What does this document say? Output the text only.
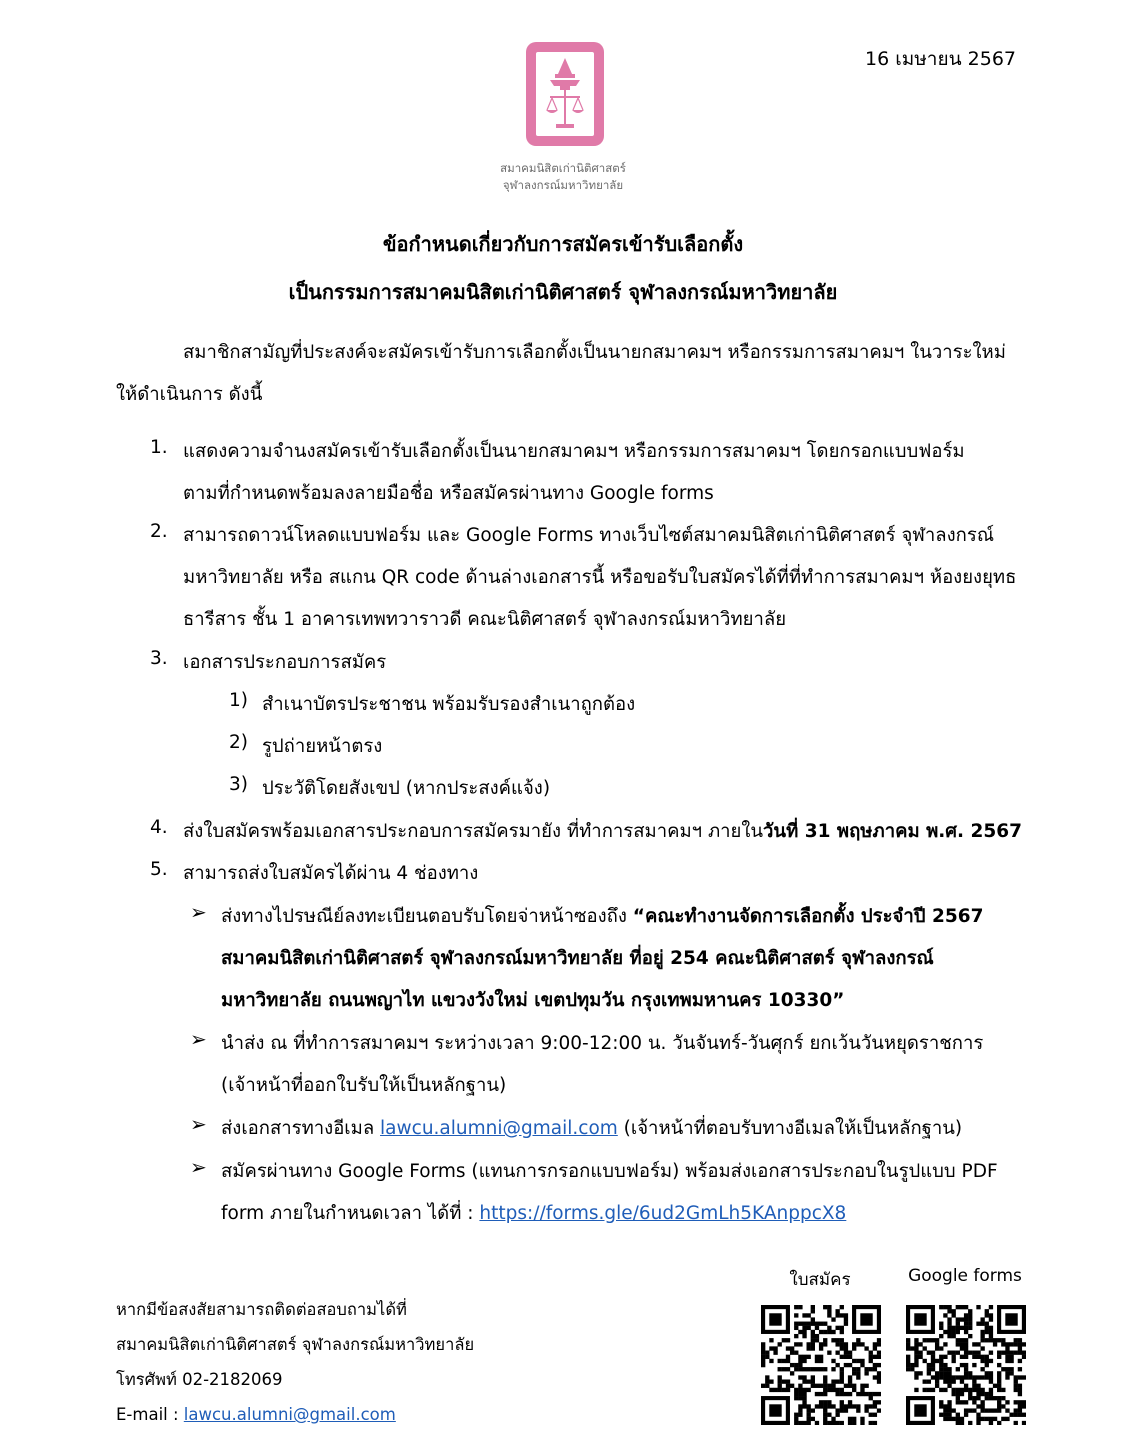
16 เมษายน 2567
สมาคมนิสิตเก่านิติศาสตร์
จุฬาลงกรณ์มหาวิทยาลัย
ข้อกำหนดเกี่ยวกับการสมัครเข้ารับเลือกตั้ง
เป็นกรรมการสมาคมนิสิตเก่านิติศาสตร์ จุฬาลงกรณ์มหาวิทยาลัย
สมาชิกสามัญที่ประสงค์จะสมัครเข้ารับการเลือกตั้งเป็นนายกสมาคมฯ หรือกรรมการสมาคมฯ ในวาระใหม่
ให้ดำเนินการ ดังนี้
1. แสดงความจำนงสมัครเข้ารับเลือกตั้งเป็นนายกสมาคมฯ หรือกรรมการสมาคมฯ โดยกรอกแบบฟอร์ม
ตามที่กำหนดพร้อมลงลายมือชื่อ หรือสมัครผ่านทาง Google forms
2. สามารถดาวน์โหลดแบบฟอร์ม และ Google Forms ทางเว็บไซต์สมาคมนิสิตเก่านิติศาสตร์ จุฬาลงกรณ์
มหาวิทยาลัย หรือ สแกน QR code ด้านล่างเอกสารนี้ หรือขอรับใบสมัครได้ที่ที่ทำการสมาคมฯ ห้องยงยุทธ
ธารีสาร ชั้น 1 อาคารเทพทวาราวดี คณะนิติศาสตร์ จุฬาลงกรณ์มหาวิทยาลัย
3. เอกสารประกอบการสมัคร
1) สำเนาบัตรประชาชน พร้อมรับรองสำเนาถูกต้อง
2) รูปถ่ายหน้าตรง
3) ประวัติโดยสังเขป (หากประสงค์แจ้ง)
4. ส่งใบสมัครพร้อมเอกสารประกอบการสมัครมายัง ที่ทำการสมาคมฯ ภายในวันที่ 31 พฤษภาคม พ.ศ. 2567
5. สามารถส่งใบสมัครได้ผ่าน 4 ช่องทาง
➢ ส่งทางไปรษณีย์ลงทะเบียนตอบรับโดยจ่าหน้าซองถึง “คณะทำงานจัดการเลือกตั้ง ประจำปี 2567
สมาคมนิสิตเก่านิติศาสตร์ จุฬาลงกรณ์มหาวิทยาลัย ที่อยู่ 254 คณะนิติศาสตร์ จุฬาลงกรณ์
มหาวิทยาลัย ถนนพญาไท แขวงวังใหม่ เขตปทุมวัน กรุงเทพมหานคร 10330”
➢ นำส่ง ณ ที่ทำการสมาคมฯ ระหว่างเวลา 9:00-12:00 น. วันจันทร์-วันศุกร์ ยกเว้นวันหยุดราชการ
(เจ้าหน้าที่ออกใบรับให้เป็นหลักฐาน)
➢ ส่งเอกสารทางอีเมล lawcu.alumni@gmail.com (เจ้าหน้าที่ตอบรับทางอีเมลให้เป็นหลักฐาน)
➢ สมัครผ่านทาง Google Forms (แทนการกรอกแบบฟอร์ม) พร้อมส่งเอกสารประกอบในรูปแบบ PDF
form ภายในกำหนดเวลา ได้ที่ : https://forms.gle/6ud2GmLh5KAnppcX8
ใบสมัคร	Google forms
หากมีข้อสงสัยสามารถติดต่อสอบถามได้ที่
สมาคมนิสิตเก่านิติศาสตร์ จุฬาลงกรณ์มหาวิทยาลัย
โทรศัพท์ 02-2182069
E-mail : lawcu.alumni@gmail.com
